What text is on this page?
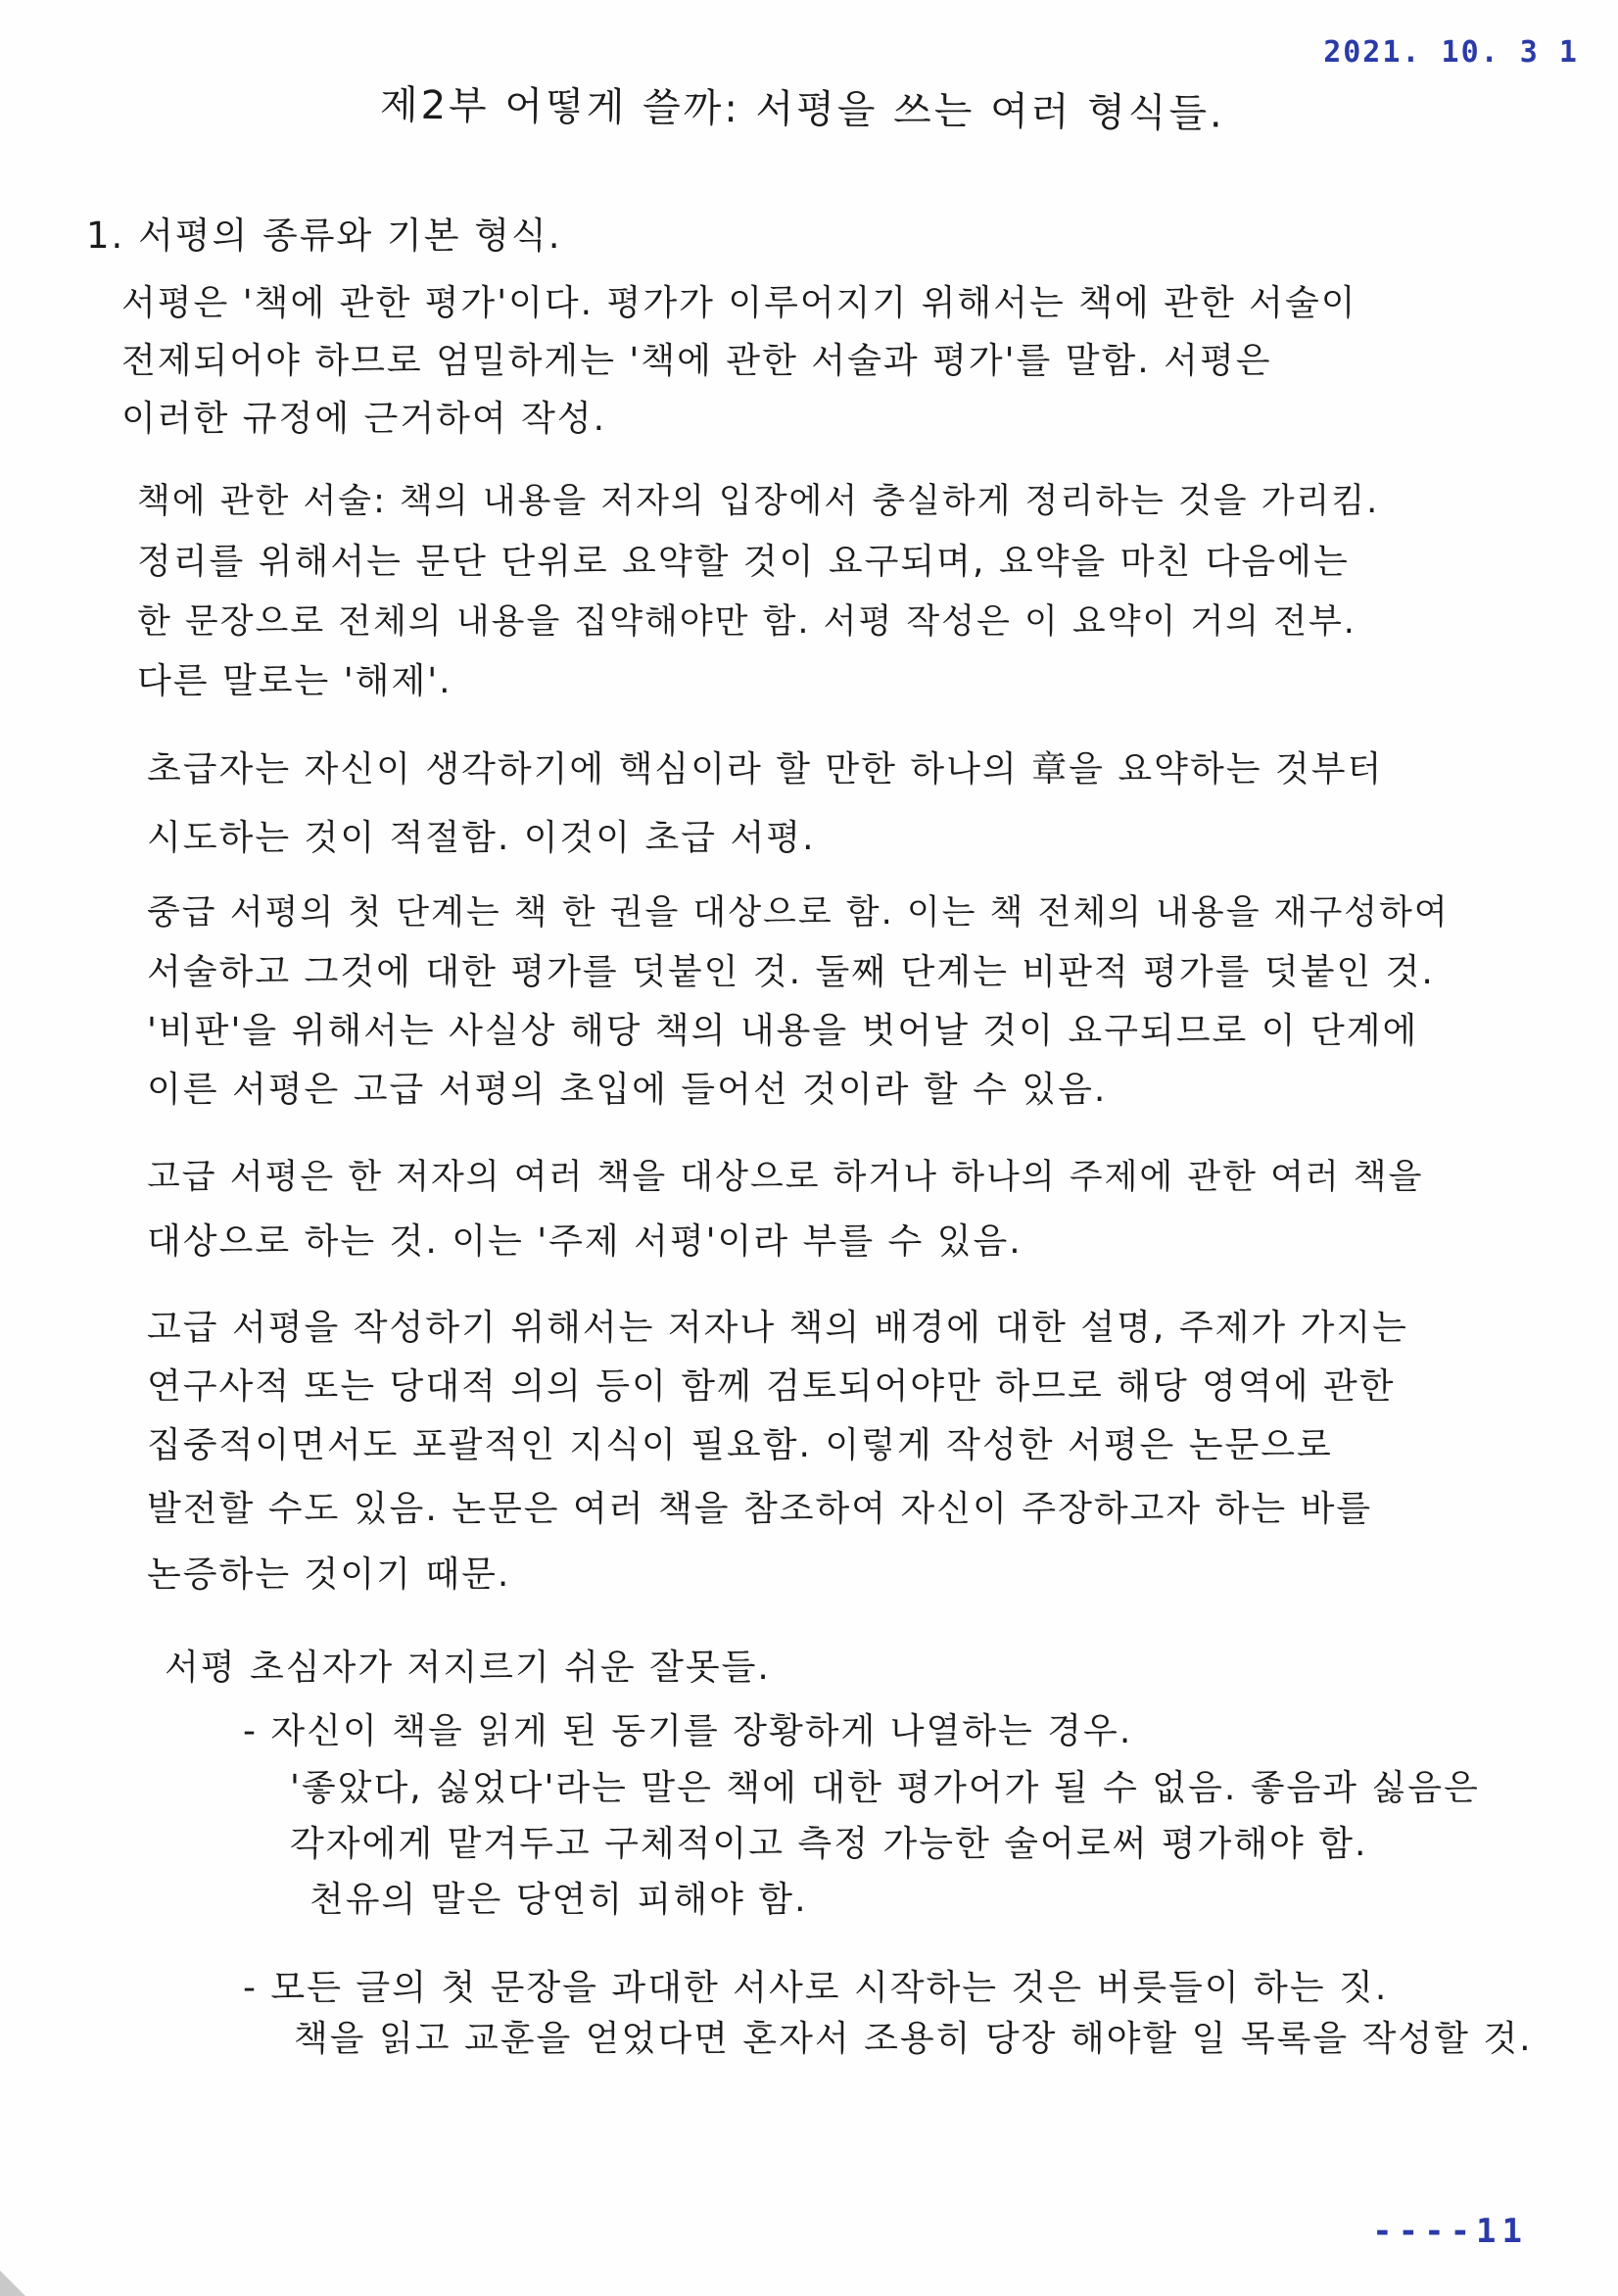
2021. 10. 3 1
제2부 어떻게 쓸까: 서평을 쓰는 여러 형식들.
1. 서평의 종류와 기본 형식.
서평은 '책에 관한 평가'이다. 평가가 이루어지기 위해서는 책에 관한 서술이
전제되어야 하므로 엄밀하게는 '책에 관한 서술과 평가'를 말함. 서평은
이러한 규정에 근거하여 작성.
책에 관한 서술: 책의 내용을 저자의 입장에서 충실하게 정리하는 것을 가리킴.
정리를 위해서는 문단 단위로 요약할 것이 요구되며, 요약을 마친 다음에는
한 문장으로 전체의 내용을 집약해야만 함. 서평 작성은 이 요약이 거의 전부.
다른 말로는 '해제'.
초급자는 자신이 생각하기에 핵심이라 할 만한 하나의 章을 요약하는 것부터
시도하는 것이 적절함. 이것이 초급 서평.
중급 서평의 첫 단계는 책 한 권을 대상으로 함. 이는 책 전체의 내용을 재구성하여
서술하고 그것에 대한 평가를 덧붙인 것. 둘째 단계는 비판적 평가를 덧붙인 것.
'비판'을 위해서는 사실상 해당 책의 내용을 벗어날 것이 요구되므로 이 단계에
이른 서평은 고급 서평의 초입에 들어선 것이라 할 수 있음.
고급 서평은 한 저자의 여러 책을 대상으로 하거나 하나의 주제에 관한 여러 책을
대상으로 하는 것. 이는 '주제 서평'이라 부를 수 있음.
고급 서평을 작성하기 위해서는 저자나 책의 배경에 대한 설명, 주제가 가지는
연구사적 또는 당대적 의의 등이 함께 검토되어야만 하므로 해당 영역에 관한
집중적이면서도 포괄적인 지식이 필요함. 이렇게 작성한 서평은 논문으로
발전할 수도 있음. 논문은 여러 책을 참조하여 자신이 주장하고자 하는 바를
논증하는 것이기 때문.
서평 초심자가 저지르기 쉬운 잘못들.
- 자신이 책을 읽게 된 동기를 장황하게 나열하는 경우.
'좋았다, 싫었다'라는 말은 책에 대한 평가어가 될 수 없음. 좋음과 싫음은
각자에게 맡겨두고 구체적이고 측정 가능한 술어로써 평가해야 함.
천유의 말은 당연히 피해야 함.
- 모든 글의 첫 문장을 과대한 서사로 시작하는 것은 버릇들이 하는 짓.
책을 읽고 교훈을 얻었다면 혼자서 조용히 당장 해야할 일 목록을 작성할 것.
----11
